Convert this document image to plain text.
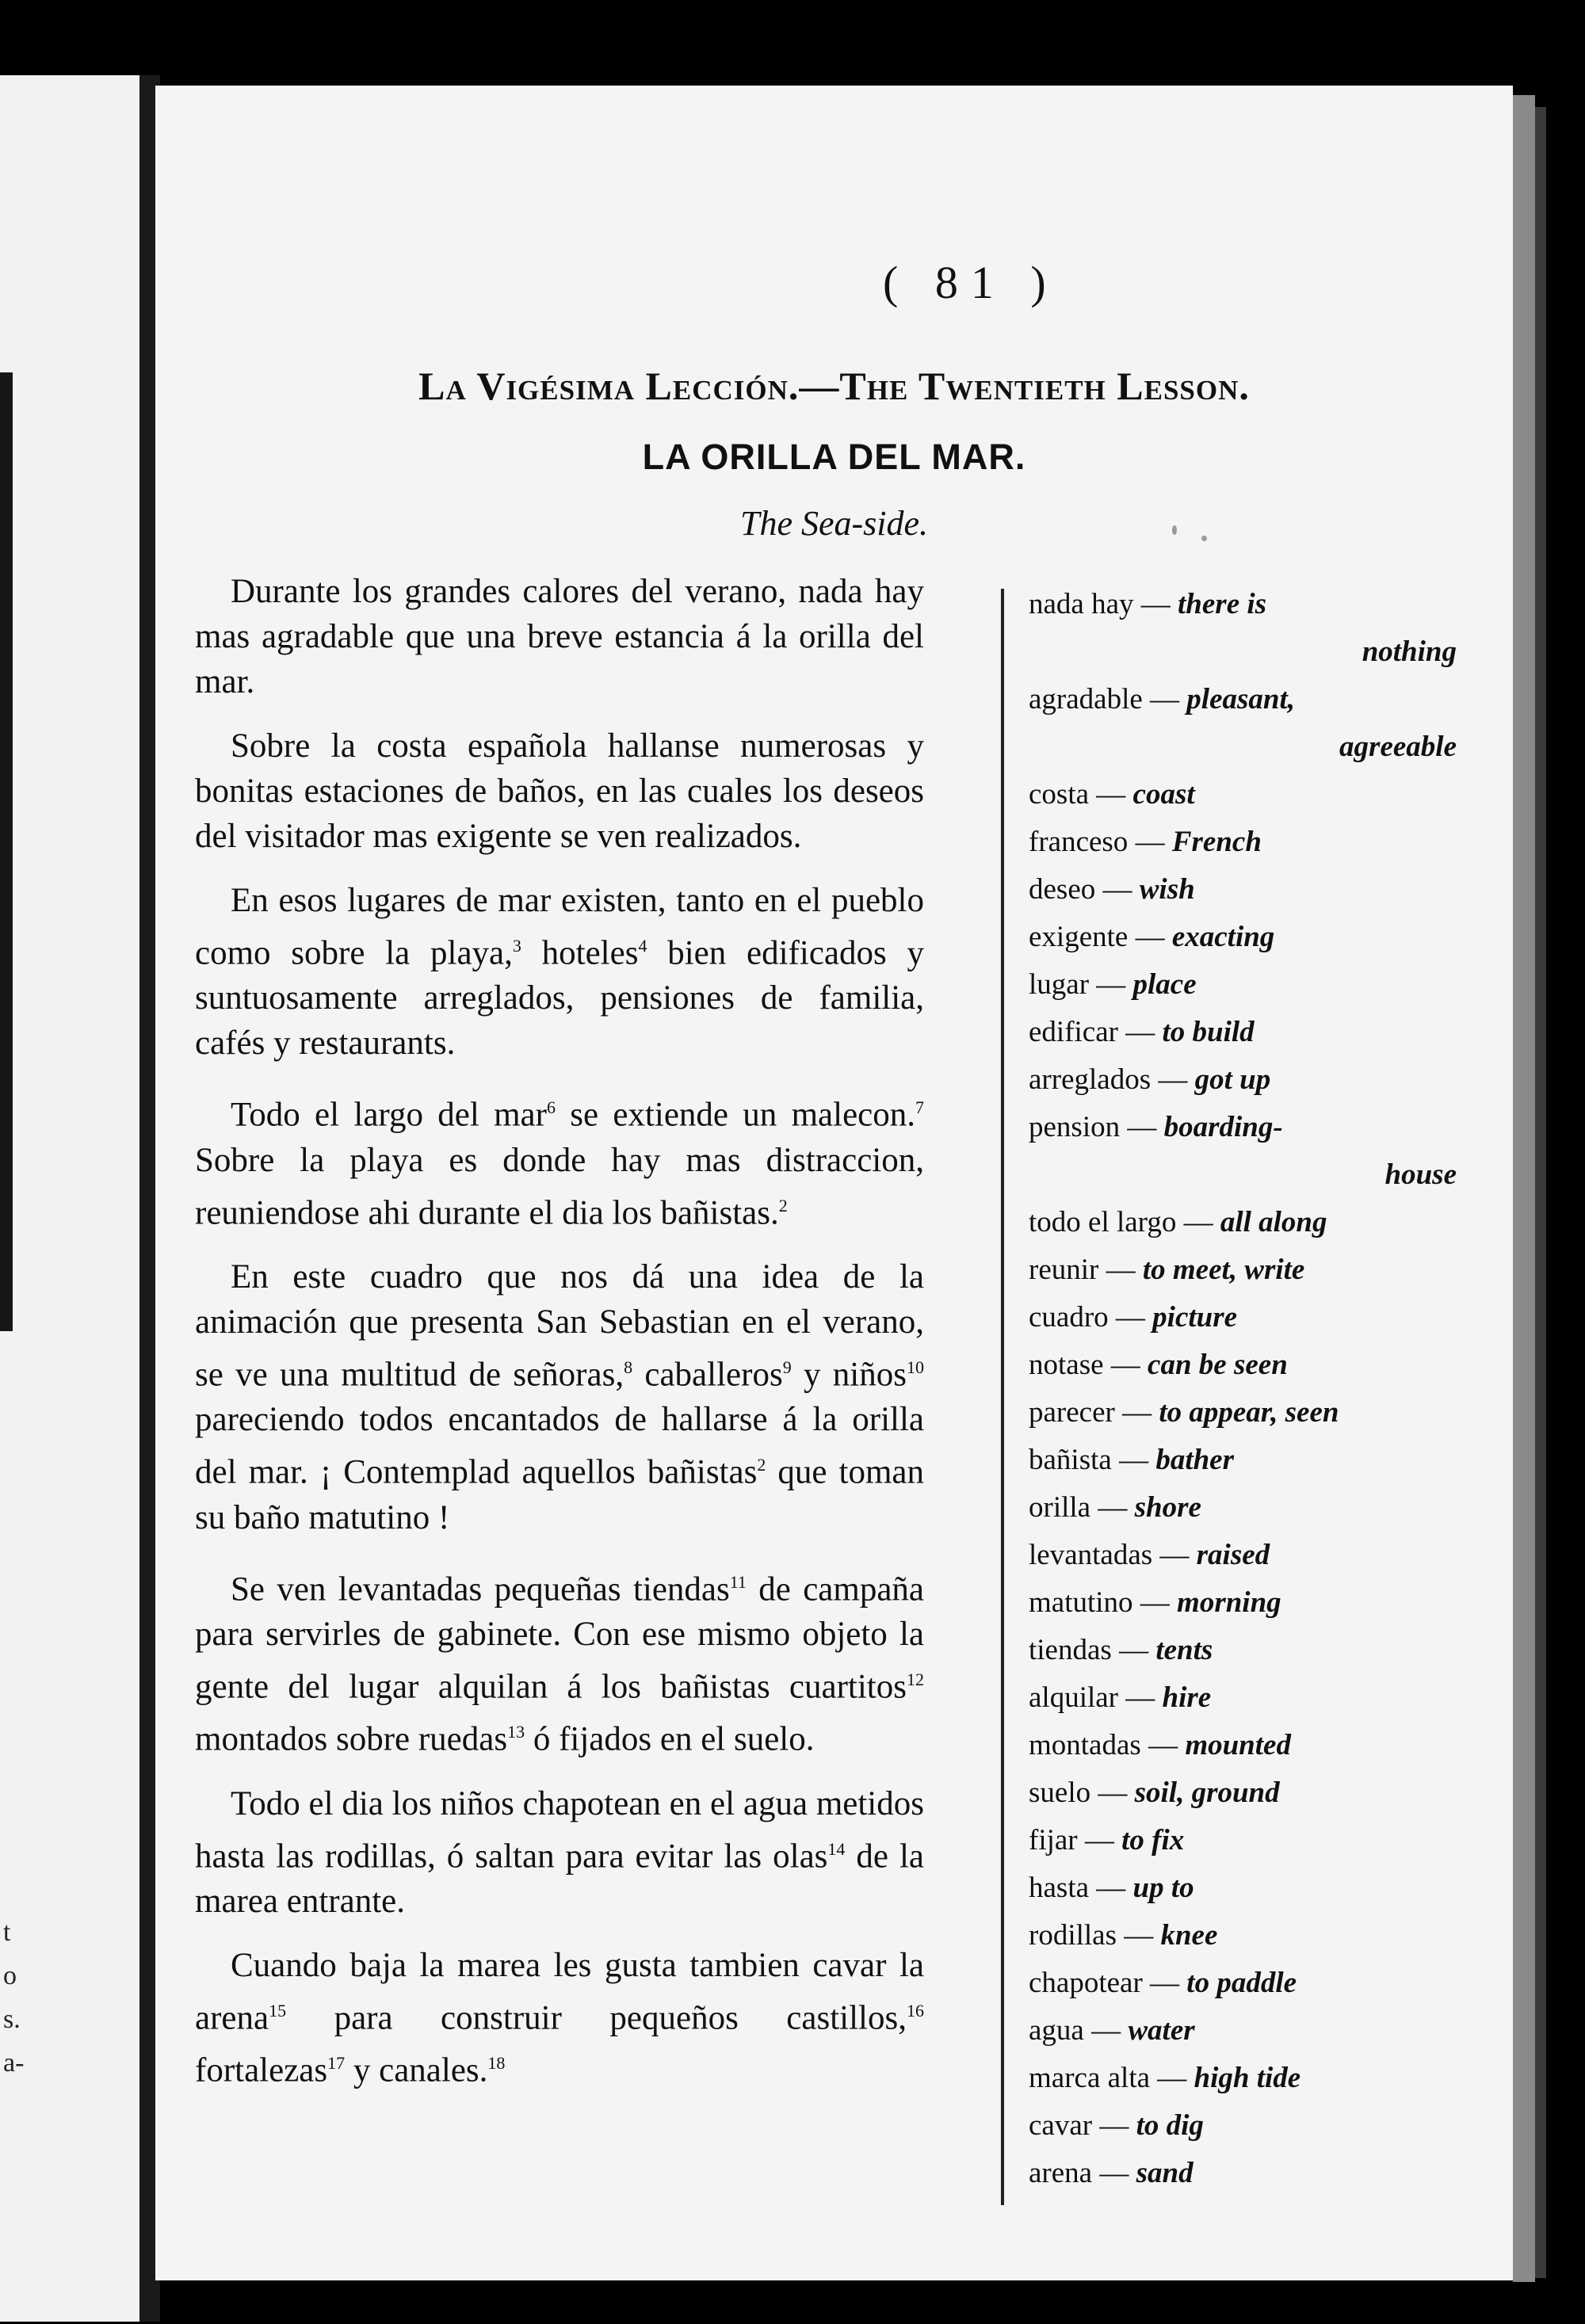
t
o
s.
a-
( 81 )
La Vigésima Lección.—The Twentieth Lesson.
LA ORILLA DEL MAR.
The Sea-side.

Durante los grandes calores del verano, nada hay mas agradable que una breve estancia á la orilla del mar.

Sobre la costa española hallanse numerosas y bonitas estaciones de baños, en las cuales los deseos del visitador mas exigente se ven realizados.

En esos lugares de mar existen, tanto en el pueblo como sobre la playa,$^3$ hoteles$^4$ bien edificados y suntuosamente arreglados, pensiones de familia, cafés y restaurants.

Todo el largo del mar$^6$ se extiende un malecon.$^7$ Sobre la playa es donde hay mas distraccion, reuniendose ahi durante el dia los bañistas.$^2$

En este cuadro que nos dá una idea de la animación que presenta San Sebastian en el verano, se ve una multitud de señoras,$^8$ caballeros$^9$ y niños$^{10}$ pareciendo todos encantados de hallarse á la orilla del mar. ¡ Contemplad aquellos bañistas$^2$ que toman su baño matutino !

Se ven levantadas pequeñas tiendas$^{11}$ de campaña para servirles de gabinete. Con ese mismo objeto la gente del lugar alquilan á los bañistas cuartitos$^{12}$ montados sobre ruedas$^{13}$ ó fijados en el suelo.

Todo el dia los niños chapotean en el agua metidos hasta las rodillas, ó saltan para evitar las olas$^{14}$ de la marea entrante.

Cuando baja la marea les gusta tambien cavar la arena$^{15}$ para construir pequeños castillos,$^{16}$ fortalezas$^{17}$ y canales.$^{18}$

nada hay — there is
nothing
agradable — pleasant,
agreeable
costa — coast
franceso — French
deseo — wish
exigente — exacting
lugar — place
edificar — to build
arreglados — got up
pension — boarding-
house
todo el largo — all along
reunir — to meet, write
cuadro — picture
notase — can be seen
parecer — to appear, seen
bañista — bather
orilla — shore
levantadas — raised
matutino — morning
tiendas — tents
alquilar — hire
montadas — mounted
suelo — soil, ground
fijar — to fix
hasta — up to
rodillas — knee
chapotear — to paddle
agua — water
marca alta — high tide
cavar — to dig
arena — sand
